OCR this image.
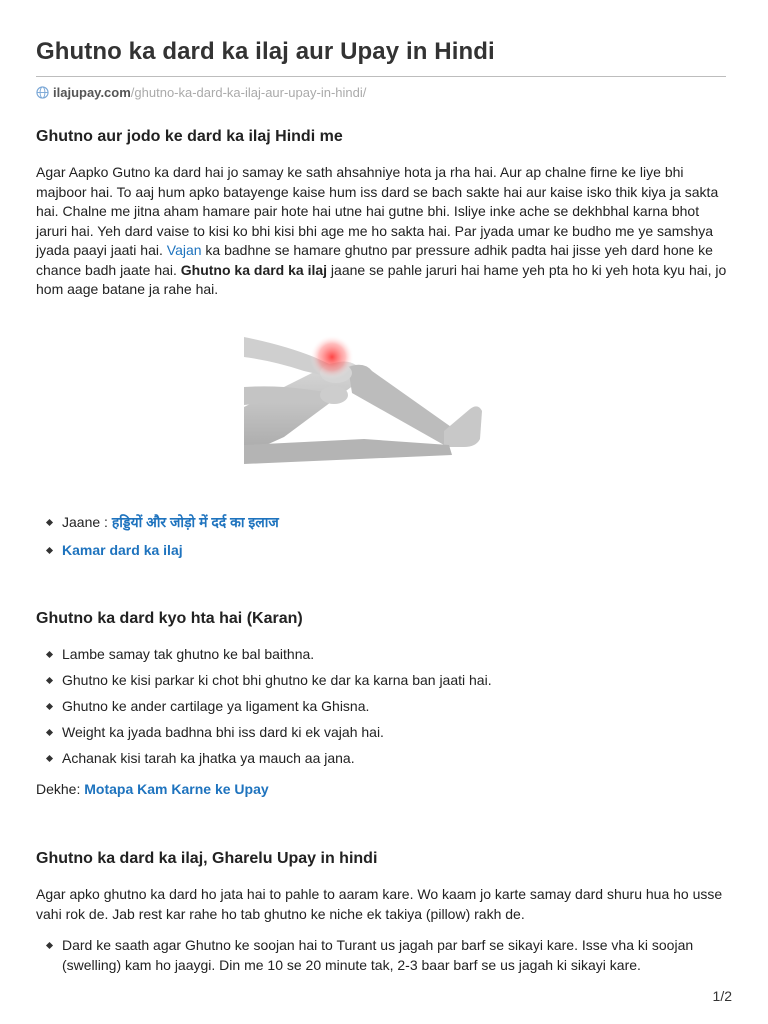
Ghutno ka dard ka ilaj aur Upay in Hindi
ilajupay.com/ghutno-ka-dard-ka-ilaj-aur-upay-in-hindi/
Ghutno aur jodo ke dard ka ilaj Hindi me

Agar Aapko Gutno ka dard hai jo samay ke sath ahsahniye hota ja rha hai. Aur ap chalne firne ke liye bhi majboor hai. To aaj hum apko batayenge kaise hum iss dard se bach sakte hai aur kaise isko thik kiya ja sakta hai. Chalne me jitna aham hamare pair hote hai utne hai gutne bhi. Isliye inke ache se dekhbhal karna bhot jaruri hai. Yeh dard vaise to kisi ko bhi kisi bhi age me ho sakta hai. Par jyada umar ke budho me ye samshya jyada paayi jaati hai. Vajan ka badhne se hamare ghutno par pressure adhik padta hai jisse yeh dard hone ke chance badh jaate hai. Ghutno ka dard ka ilaj jaane se pahle jaruri hai hame yeh pta ho ki yeh hota kyu hai, jo hom aage batane ja rahe hai.

Jaane : हड्डियों और जोड़ो में दर्द का इलाज
Kamar dard ka ilaj
Ghutno ka dard kyo hta hai (Karan)
Lambe samay tak ghutno ke bal baithna.
Ghutno ke kisi parkar ki chot bhi ghutno ke dar ka karna ban jaati hai.
Ghutno ke ander cartilage ya ligament ka Ghisna.
Weight ka jyada badhna bhi iss dard ki ek vajah hai.
Achanak kisi tarah ka jhatka ya mauch aa jana.

Dekhe: Motapa Kam Karne ke Upay

Ghutno ka dard ka ilaj, Gharelu Upay in hindi

Agar apko ghutno ka dard ho jata hai to pahle to aaram kare. Wo kaam jo karte samay dard shuru hua ho usse vahi rok de. Jab rest kar rahe ho tab ghutno ke niche ek takiya (pillow) rakh de.

Dard ke saath agar Ghutno ke soojan hai to Turant us jagah par barf se sikayi kare. Isse vha ki soojan (swelling) kam ho jaaygi. Din me 10 se 20 minute tak, 2-3 baar barf se us jagah ki sikayi kare.
1/2
